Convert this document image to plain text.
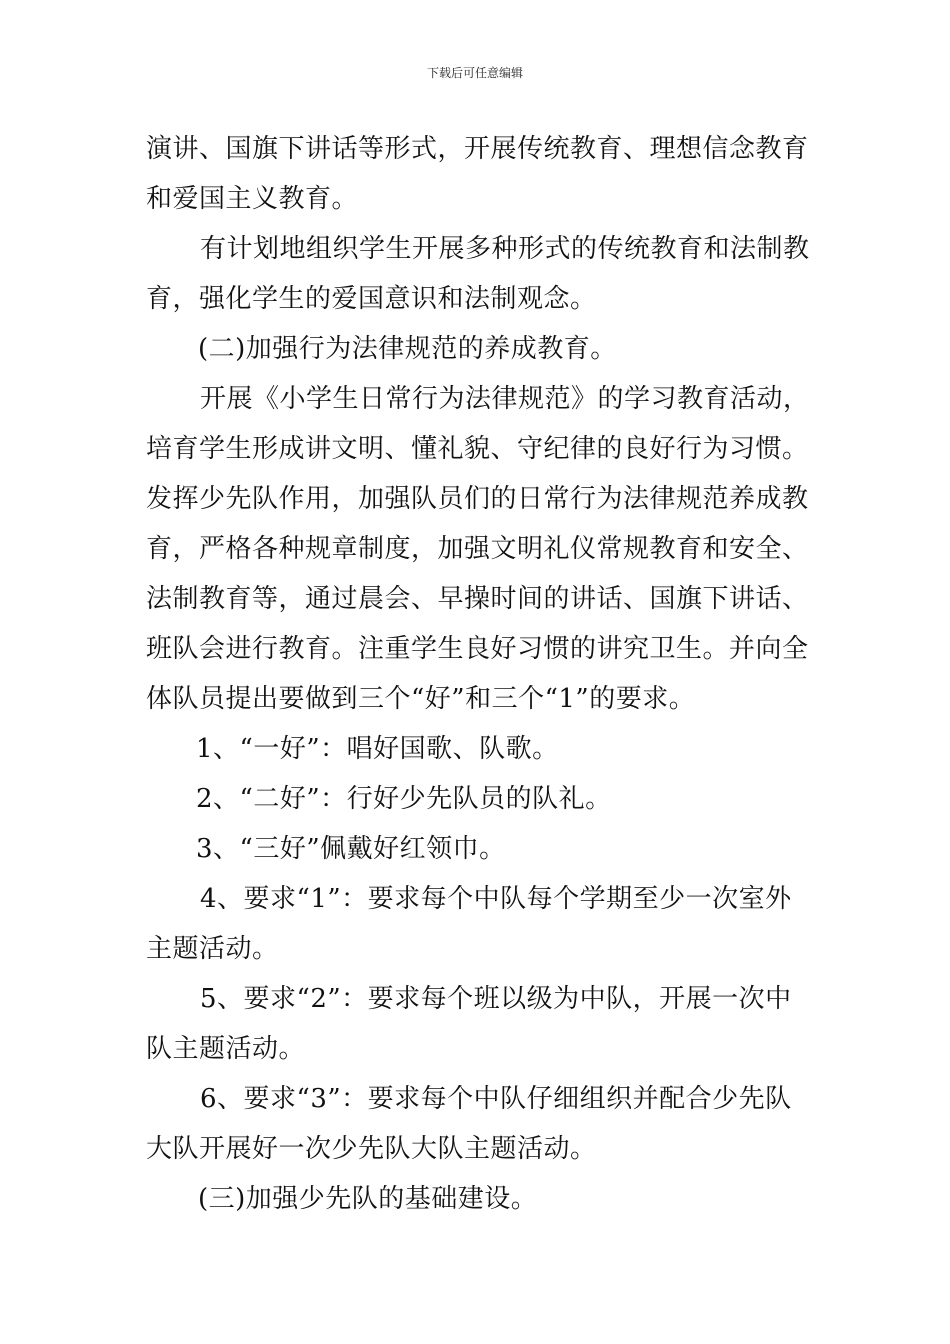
下载后可任意编辑
演讲、国旗下讲话等形式，开展传统教育、理想信念教育
和爱国主义教育。
有计划地组织学生开展多种形式的传统教育和法制教
育，强化学生的爱国意识和法制观念。
(二)加强行为法律规范的养成教育。
开展《小学生日常行为法律规范》的学习教育活动，
培育学生形成讲文明、懂礼貌、守纪律的良好行为习惯。
发挥少先队作用，加强队员们的日常行为法律规范养成教
育，严格各种规章制度，加强文明礼仪常规教育和安全、
法制教育等，通过晨会、早操时间的讲话、国旗下讲话、
班队会进行教育。注重学生良好习惯的讲究卫生。并向全
体队员提出要做到三个“好”和三个“1”的要求。
1、“一好”：唱好国歌、队歌。
2、“二好”：行好少先队员的队礼。
3、“三好”佩戴好红领巾。
4、要求“1”：要求每个中队每个学期至少一次室外
主题活动。
5、要求“2”：要求每个班以级为中队，开展一次中
队主题活动。
6、要求“3”：要求每个中队仔细组织并配合少先队
大队开展好一次少先队大队主题活动。
(三)加强少先队的基础建设。
